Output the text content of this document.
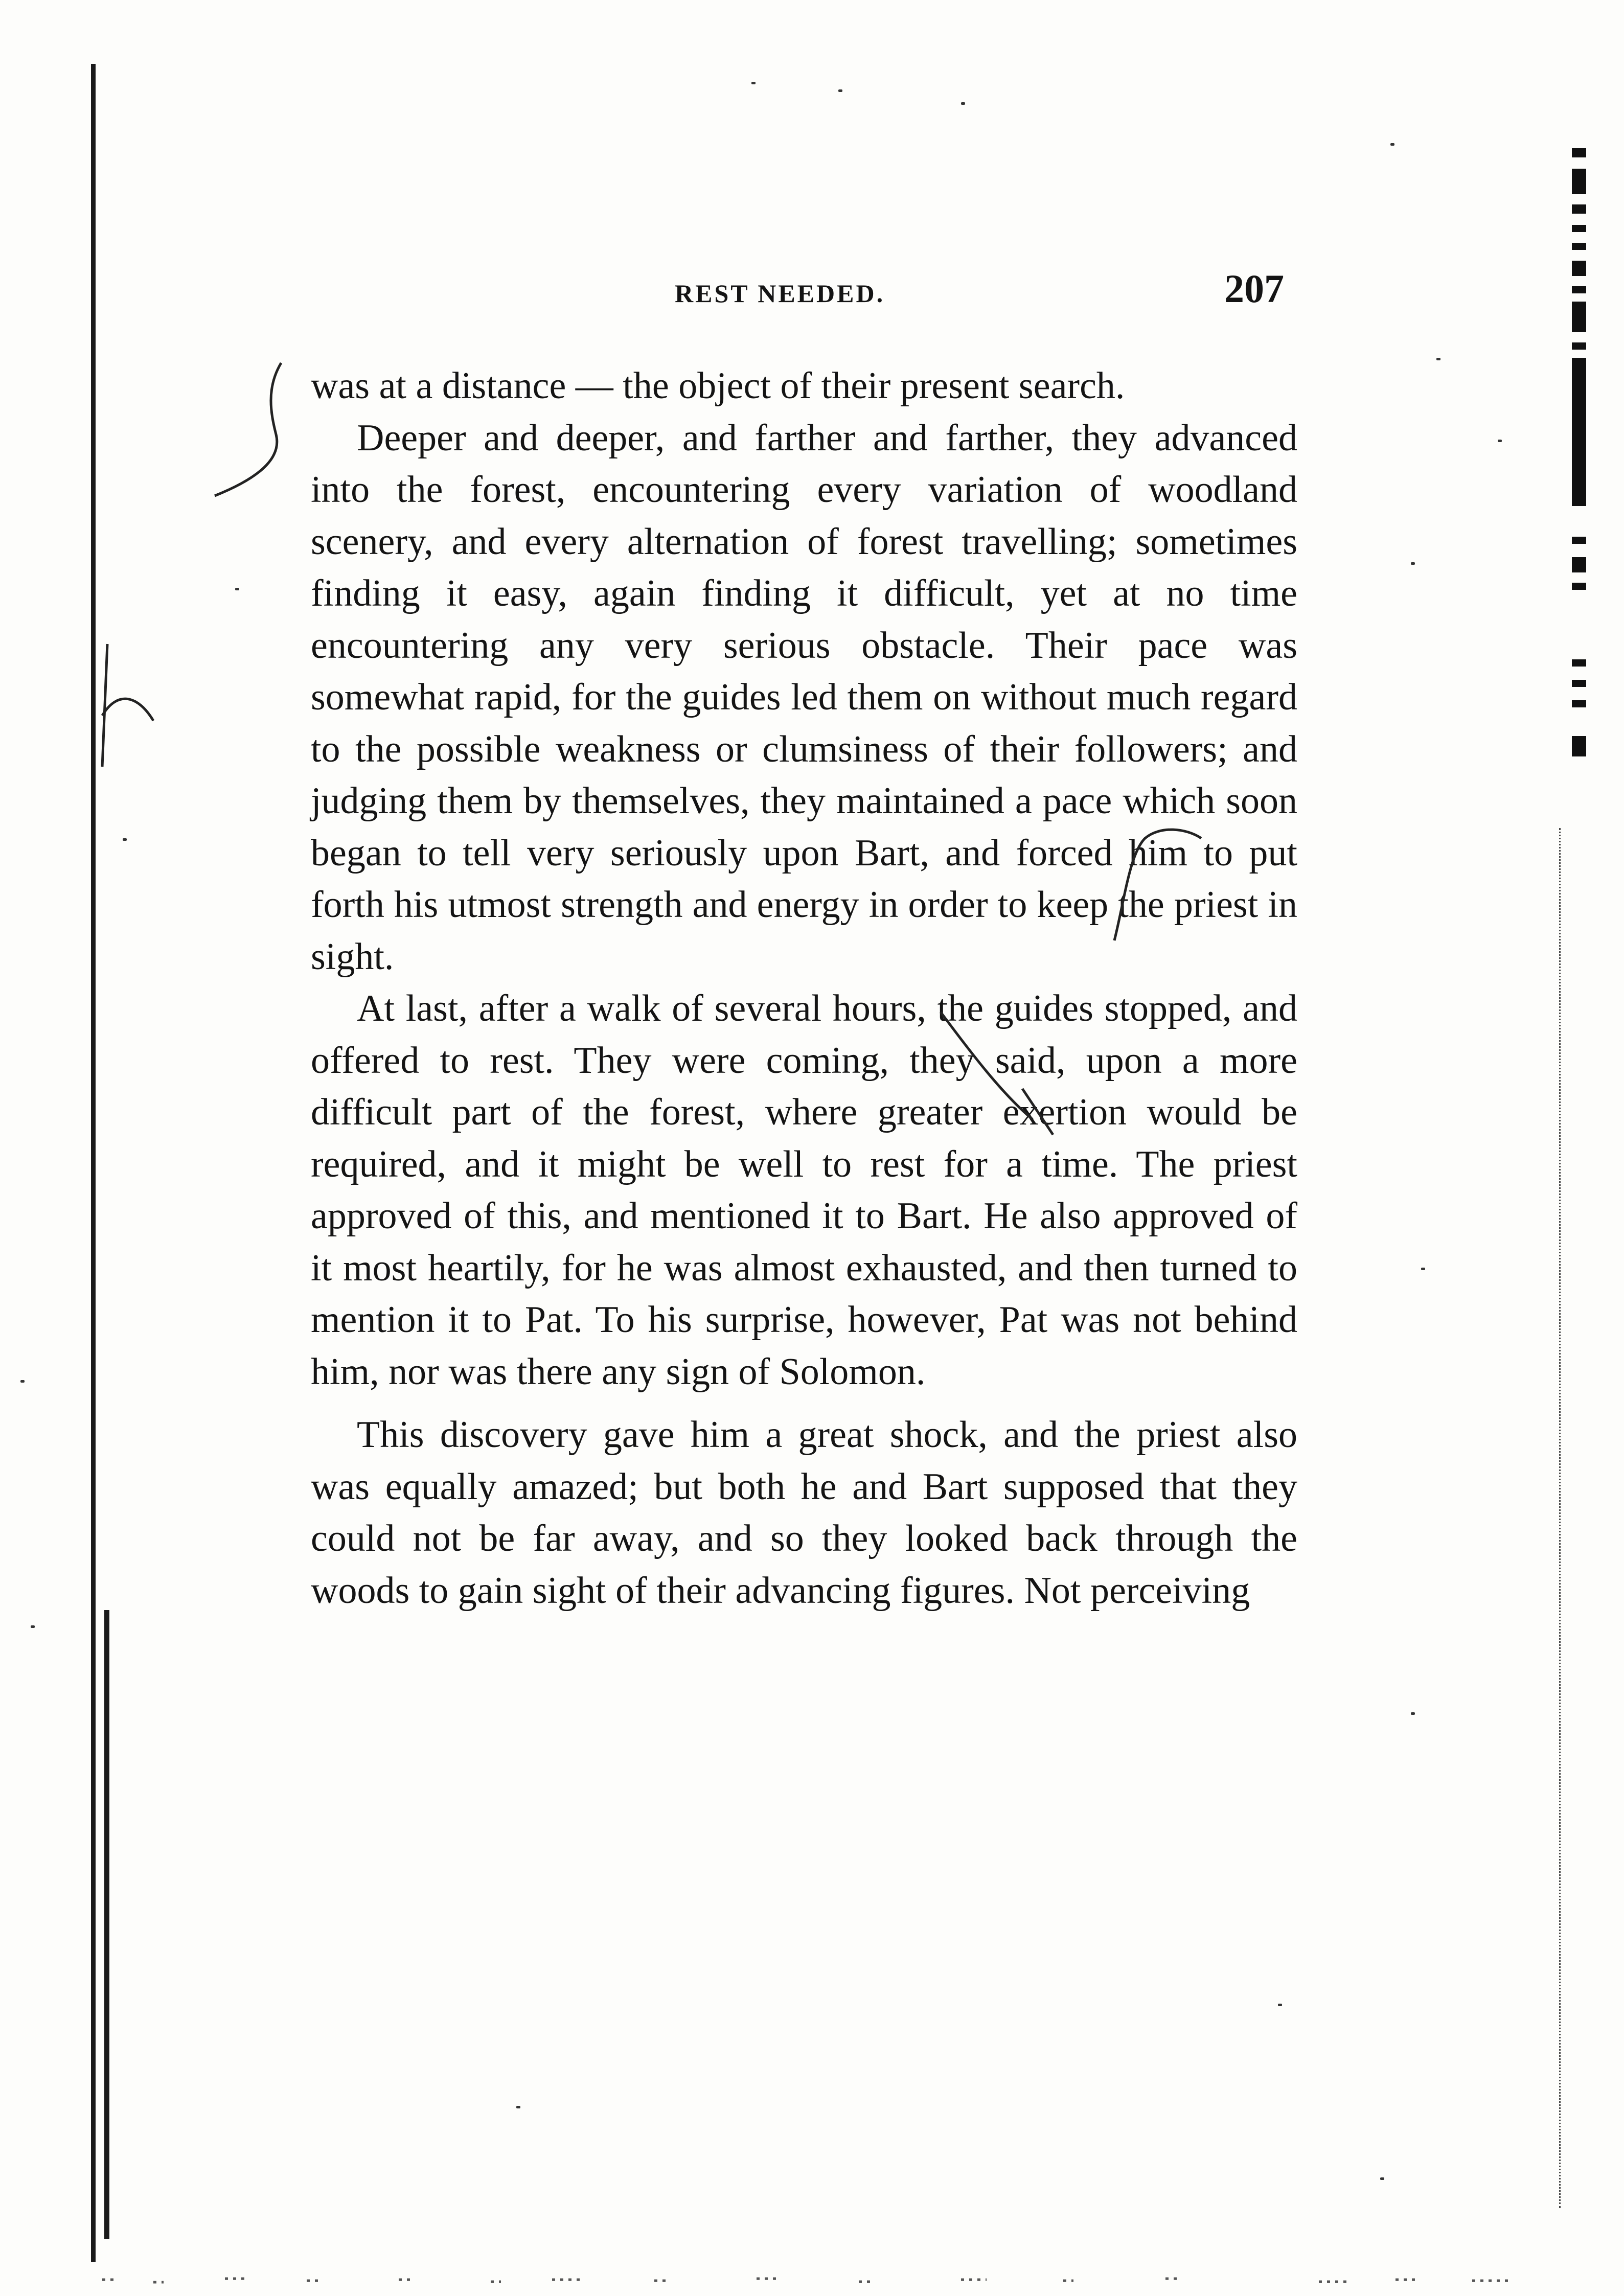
REST NEEDED.	207

was at a distance — the object of their present search.

Deeper and deeper, and farther and farther, they advanced into the forest, encountering every variation of woodland scenery, and every alternation of forest travelling; sometimes finding it easy, again finding it difficult, yet at no time encountering any very serious obstacle. Their pace was somewhat rapid, for the guides led them on without much regard to the possible weakness or clumsiness of their followers; and judging them by themselves, they maintained a pace which soon began to tell very seriously upon Bart, and forced him to put forth his utmost strength and energy in order to keep the priest in sight.

At last, after a walk of several hours, the guides stopped, and offered to rest. They were coming, they said, upon a more difficult part of the forest, where greater exertion would be required, and it might be well to rest for a time. The priest approved of this, and mentioned it to Bart. He also approved of it most heartily, for he was almost exhausted, and then turned to mention it to Pat. To his surprise, however, Pat was not behind him, nor was there any sign of Solomon.

This discovery gave him a great shock, and the priest also was equally amazed; but both he and Bart supposed that they could not be far away, and so they looked back through the woods to gain sight of their advancing figures. Not perceiving
